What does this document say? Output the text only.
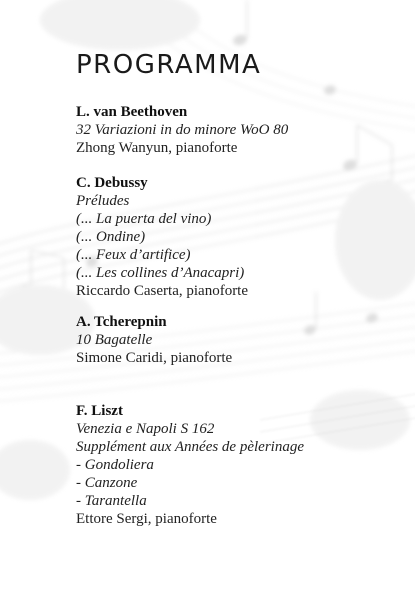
PROGRAMMA
L. van Beethoven
32 Variazioni in do minore WoO 80
Zhong Wanyun, pianoforte
C. Debussy
Préludes
(... La puerta del vino)
(... Ondine)
(... Feux d’artifice)
(... Les collines d’Anacapri)
Riccardo Caserta, pianoforte
A. Tcherepnin
10 Bagatelle
Simone Caridi, pianoforte
F. Liszt
Venezia e Napoli S 162
Supplément aux Années de pèlerinage
- Gondoliera
- Canzone
- Tarantella
Ettore Sergi, pianoforte
